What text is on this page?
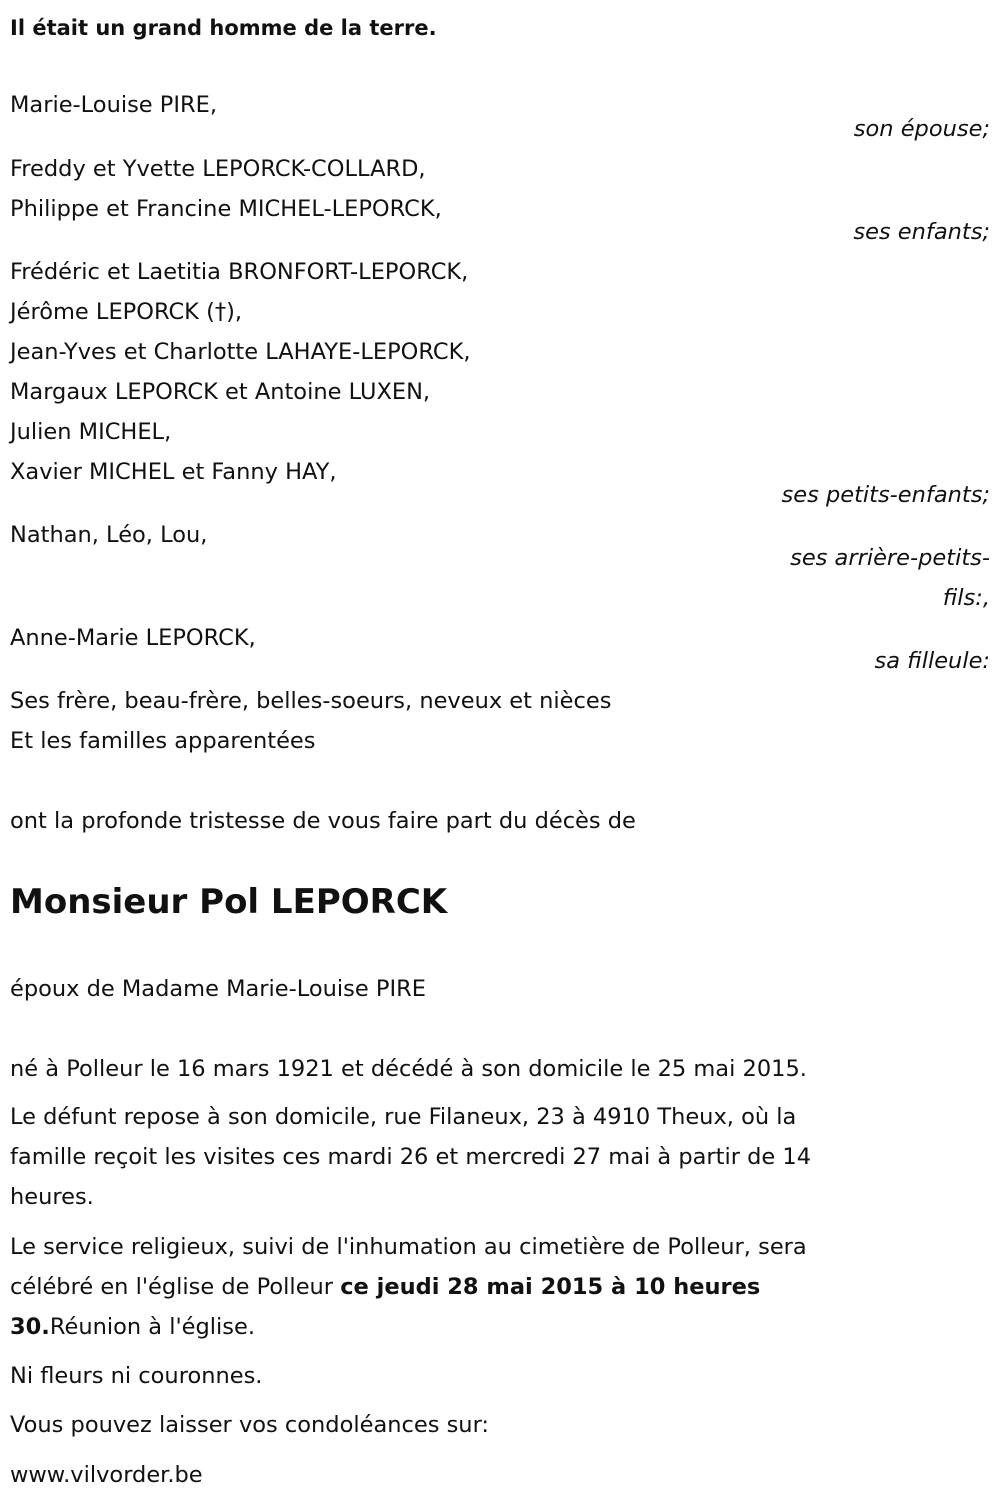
Il était un grand homme de la terre.
Marie-Louise PIRE,
son épouse;
Freddy et Yvette LEPORCK-COLLARD,
Philippe et Francine MICHEL-LEPORCK,
ses enfants;
Frédéric et Laetitia BRONFORT-LEPORCK,
Jérôme LEPORCK (†),
Jean-Yves et Charlotte LAHAYE-LEPORCK,
Margaux LEPORCK et Antoine LUXEN,
Julien MICHEL,
Xavier MICHEL et Fanny HAY,
ses petits-enfants;
Nathan, Léo, Lou,
ses arrière-petits-
fils:,
Anne-Marie LEPORCK,
sa filleule:
Ses frère, beau-frère, belles-soeurs, neveux et nièces
Et les familles apparentées
ont la profonde tristesse de vous faire part du décès de
Monsieur Pol LEPORCK
époux de Madame Marie-Louise PIRE
né à Polleur le 16 mars 1921 et décédé à son domicile le 25 mai 2015.
Le défunt repose à son domicile, rue Filaneux, 23 à 4910 Theux, où la
famille reçoit les visites ces mardi 26 et mercredi 27 mai à partir de 14
heures.
Le service religieux, suivi de l'inhumation au cimetière de Polleur, sera
célébré en l'église de Polleur ce jeudi 28 mai 2015 à 10 heures
30.Réunion à l'église.
Ni fleurs ni couronnes.
Vous pouvez laisser vos condoléances sur:
www.vilvorder.be
